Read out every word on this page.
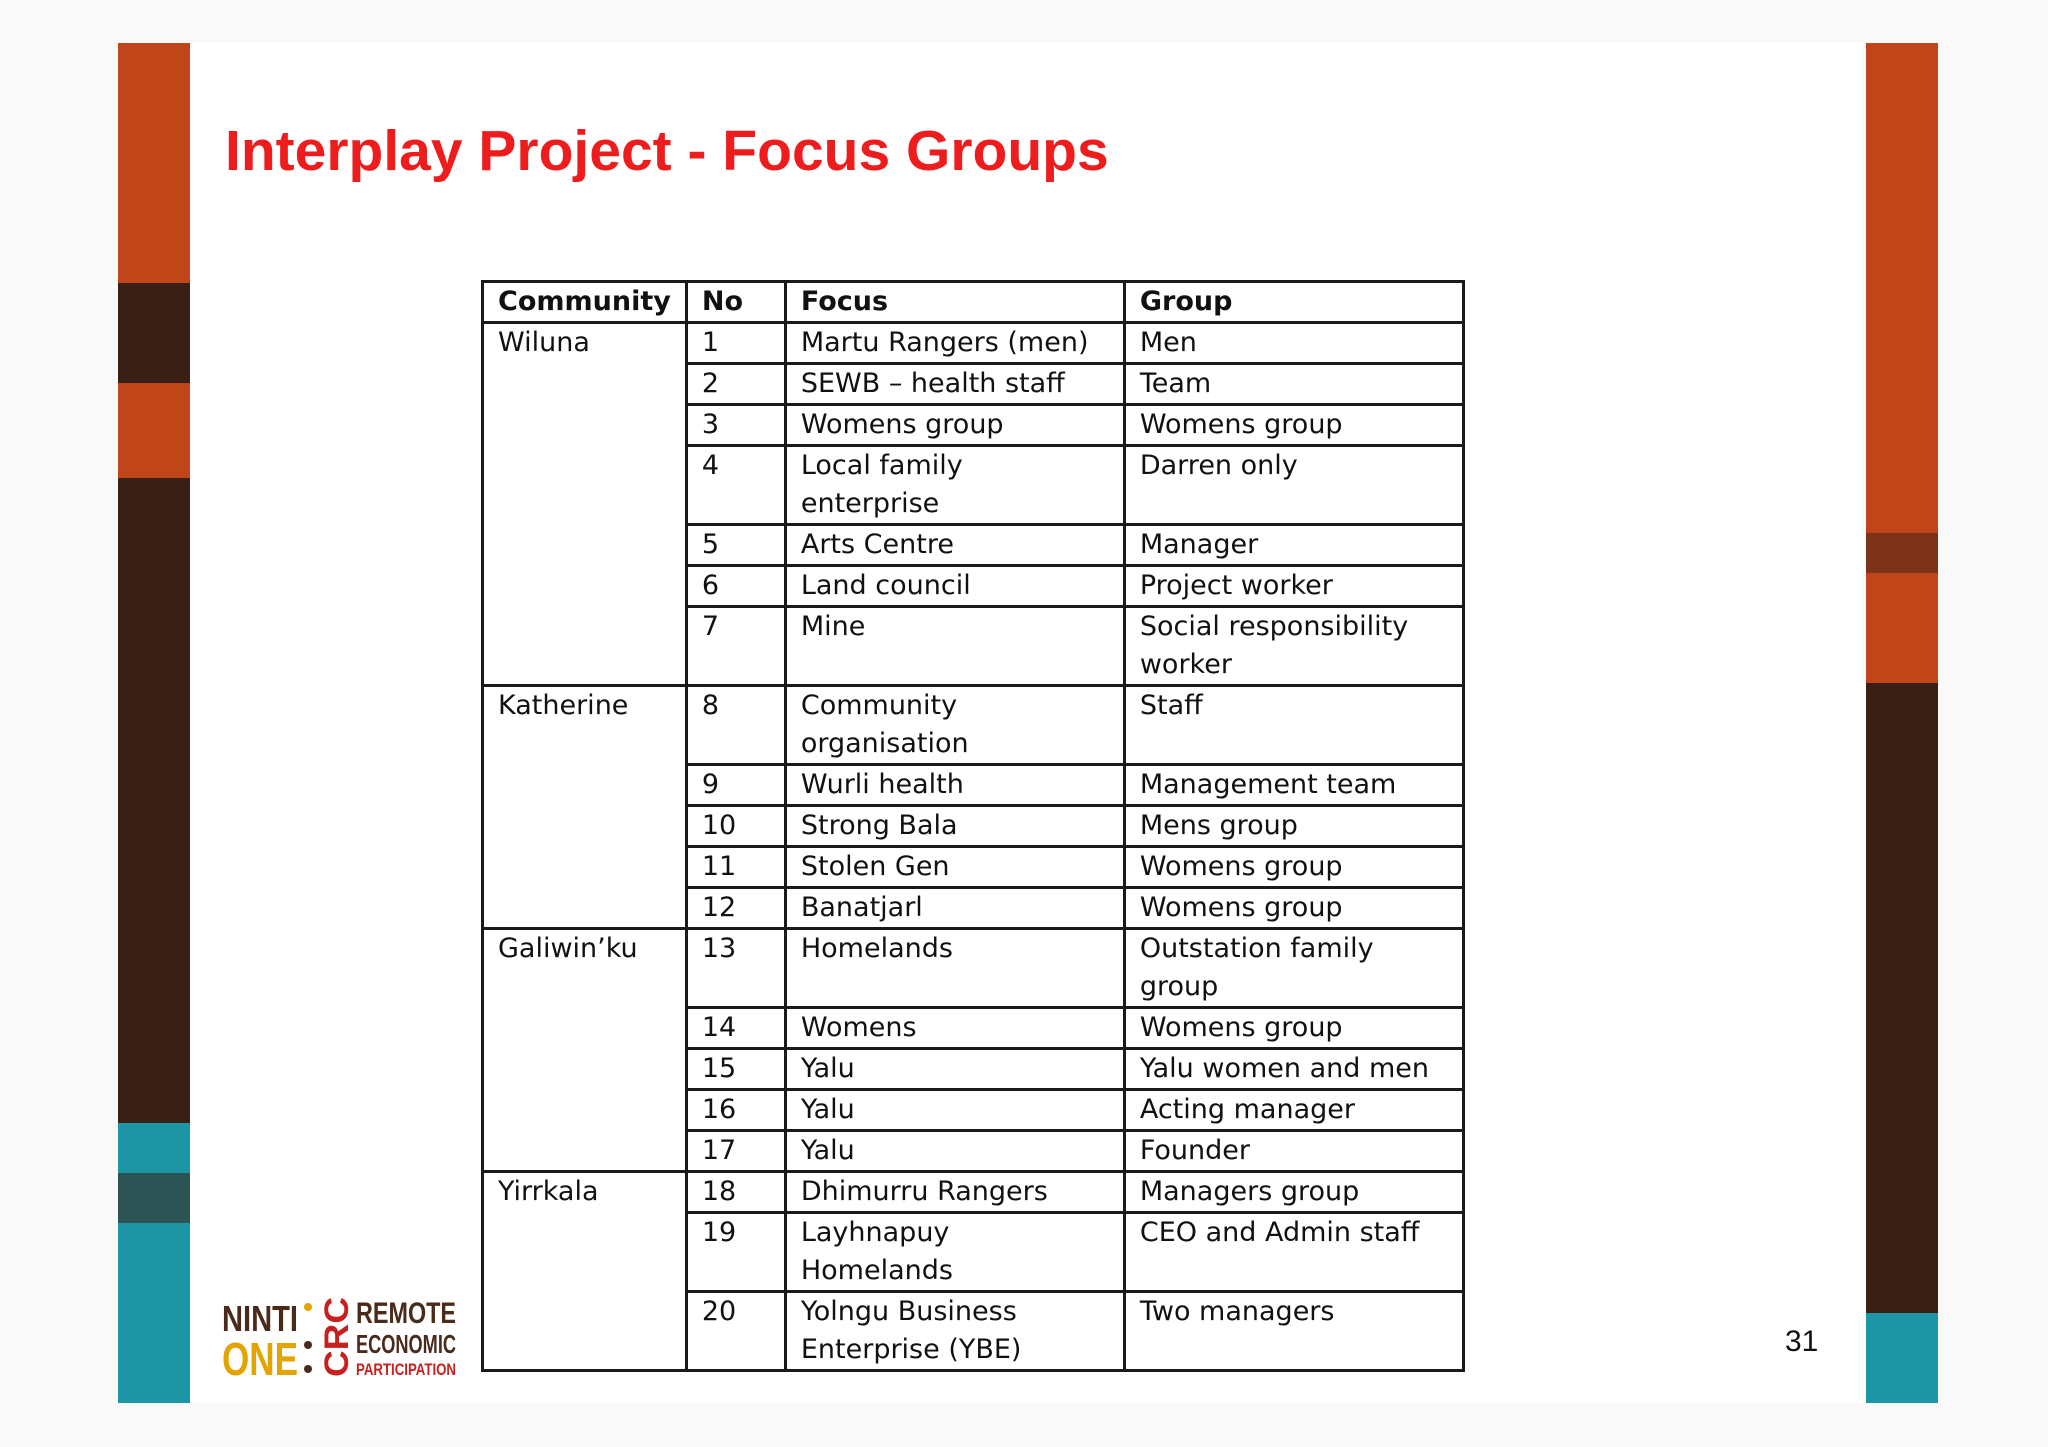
Interplay Project - Focus Groups
Community	No	Focus	Group
Wiluna	1	Martu Rangers (men)	Men
	2	SEWB – health staff	Team
	3	Womens group	Womens group
	4	Local family enterprise	Darren only
	5	Arts Centre	Manager
	6	Land council	Project worker
	7	Mine	Social responsibility worker
Katherine	8	Community organisation	Staff
	9	Wurli health	Management team
	10	Strong Bala	Mens group
	11	Stolen Gen	Womens group
	12	Banatjarl	Womens group
Galiwin’ku	13	Homelands	Outstation family group
	14	Womens	Womens group
	15	Yalu	Yalu women and men
	16	Yalu	Acting manager
	17	Yalu	Founder
Yirrkala	18	Dhimurru Rangers	Managers group
	19	Layhnapuy Homelands	CEO and Admin staff
	20	Yolngu Business Enterprise (YBE)	Two managers
NINTI
ONE CRC REMOTE
ECONOMIC
PARTICIPATION
31
